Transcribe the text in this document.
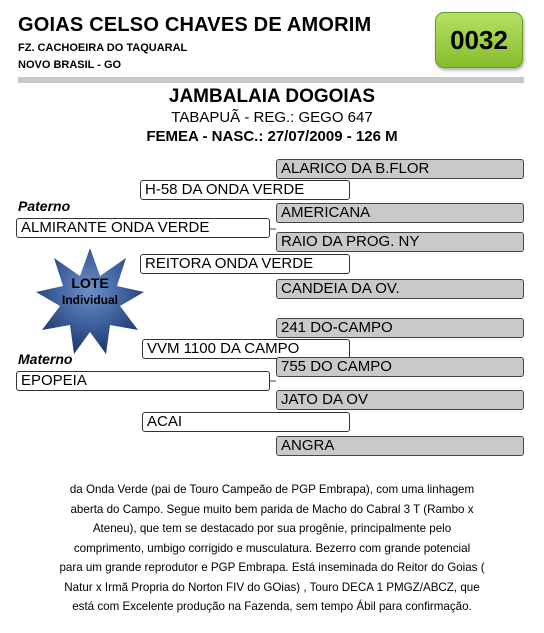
GOIAS CELSO CHAVES DE AMORIM
FZ. CACHOEIRA DO TAQUARAL
NOVO BRASIL - GO
0032
JAMBALAIA DOGOIAS
TABAPUÃ - REG.: GEGO 647
FEMEA - NASC.: 27/07/2009 - 126 M
LOTE
Individual
Paterno
Materno
ALARICO DA B.FLOR
H-58 DA ONDA VERDE
AMERICANA
ALMIRANTE ONDA VERDE
RAIO DA PROG. NY
REITORA ONDA VERDE
CANDEIA DA OV.
241 DO-CAMPO
VVM 1100 DA CAMPO
755 DO CAMPO
EPOPEIA
JATO DA OV
ACAI
ANGRA
da Onda Verde (pai de Touro Campeão de PGP Embrapa), com uma linhagem
aberta do Campo. Segue muito bem parida de Macho do Cabral 3 T (Rambo x
Ateneu), que tem se destacado por sua progênie, principalmente pelo
comprimento, umbigo corrigido e musculatura. Bezerro com grande potencial
para um grande reprodutor e PGP Embrapa. Está inseminada do Reitor do Goias (
Natur x Irmã Propria do Norton FIV do GOias) , Touro DECA 1 PMGZ/ABCZ, que
está com Excelente produção na Fazenda, sem tempo Ábil para confirmação.
